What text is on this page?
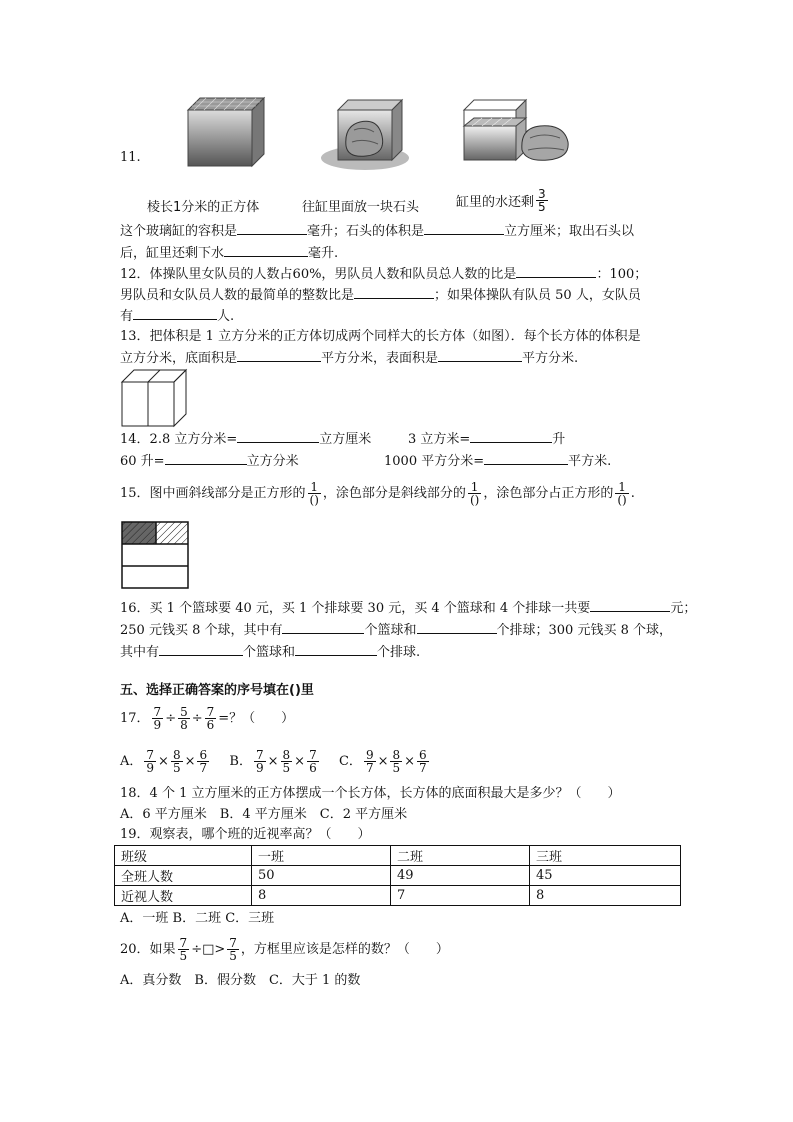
11.
棱长1分米的正方体	往缸里面放一块石头	缸里的水还剩 $\frac{3}{5}$
这个玻璃缸的容积是	毫升；石头的体积是	立方厘米；取出石头以
后，缸里还剩下水	毫升.
12．体操队里女队员的人数占60%，男队员人数和队员总人数的比是	：100；
男队员和女队员人数的最简单的整数比是	；如果体操队有队员 50 人，女队员
有	人.
13．把体积是 1 立方分米的正方体切成两个同样大的长方体（如图）．每个长方体的体积是
立方分米，底面积是	平方分米，表面积是	平方分米.
14．2.8 立方分米=	立方厘米	3 立方米=	升
60 升=	立方分米	1000 平方分米=	平方米.
15．图中画斜线部分是正方形的 $\frac{1}{()}$ ，涂色部分是斜线部分的 $\frac{1}{()}$ ，涂色部分占正方形的 $\frac{1}{()}$ .
16．买 1 个篮球要 40 元，买 1 个排球要 30 元，买 4 个篮球和 4 个排球一共要	元；
250 元钱买 8 个球，其中有	个篮球和	个排球；300 元钱买 8 个球，
其中有	个篮球和	个排球.
五、选择正确答案的序号填在()里
17． $\frac{7}{9} \div \frac{5}{8} \div \frac{7}{6}$ =？（　　）
A． $\frac{7}{9} \times \frac{8}{5} \times \frac{6}{7}$ B． $\frac{7}{9} \times \frac{8}{5} \times \frac{7}{6}$ C． $\frac{9}{7} \times \frac{8}{5} \times \frac{6}{7}$
18．4 个 1 立方厘米的正方体摆成一个长方体，长方体的底面积最大是多少？（　　）
A．6 平方厘米　B．4 平方厘米　C．2 平方厘米
19．观察表，哪个班的近视率高？（　　）
班级	一班	二班	三班
全班人数	50	49	45
近视人数	8	7	8
A．一班 B．二班 C．三班
20．如果 $\frac{7}{5}$ ÷□> $\frac{7}{5}$ ，方框里应该是怎样的数？（　　）
A．真分数　B．假分数　C．大于 1 的数
